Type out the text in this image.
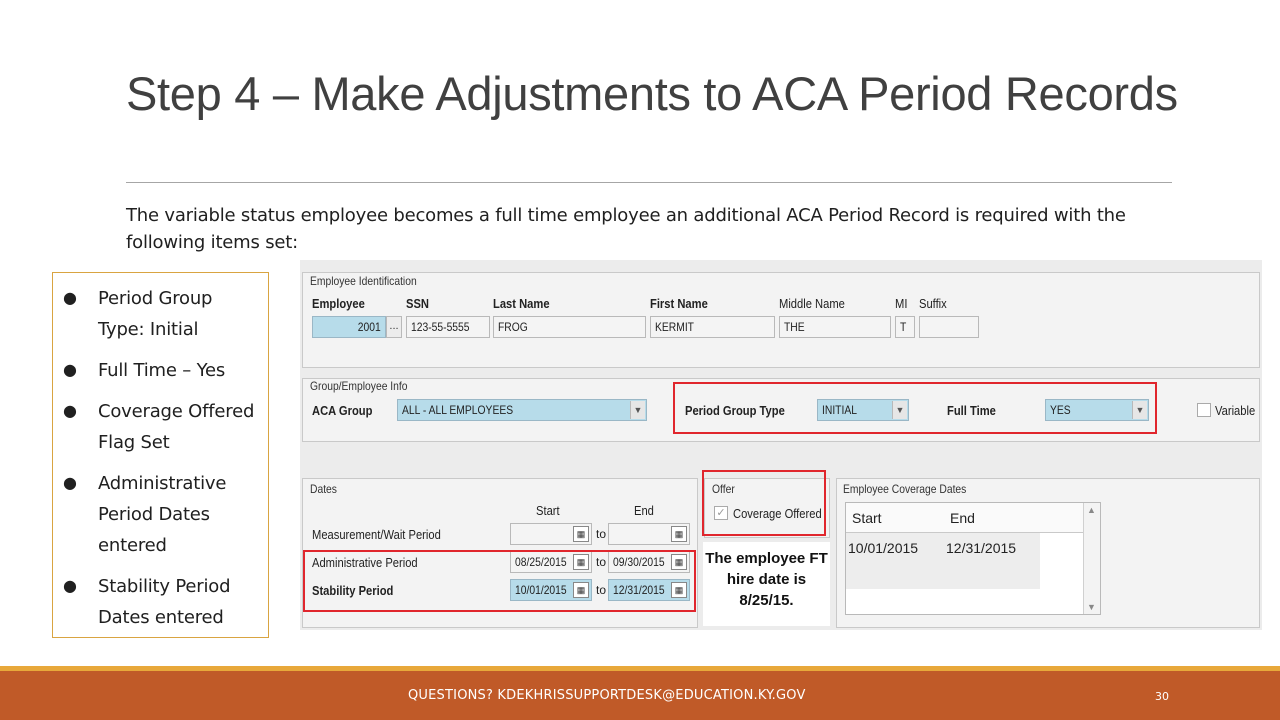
Step 4 – Make Adjustments to ACA Period Records
The variable status employee becomes a full time employee an additional ACA Period Record is required with the following items set:
● Period Group Type: Initial
● Full Time – Yes
● Coverage Offered Flag Set
● Administrative Period Dates entered
● Stability Period Dates entered
Employee Identification
Employee	SSN	Last Name	First Name	Middle Name	MI Suffix
2001 ...	123-55-5555	FROG	KERMIT	THE	T
Group/Employee Info
ACA Group	ALL - ALL EMPLOYEES	▼	Period Group Type	INITIAL	▼	Full Time	YES	▼	Variable
Dates
Start	End
Measurement/Wait Period	▦ to	▦
Administrative Period	08/25/2015	▦ to 09/30/2015	▦
Stability Period	10/01/2015	▦ to 12/31/2015	▦
Offer
✓ Coverage Offered
The employee FT hire date is 8/25/15.
Employee Coverage Dates
Start	End
10/01/2015 12/31/2015
▲
▼
QUESTIONS? KDEKHRISSUPPORTDESK@EDUCATION.KY.GOV	30
